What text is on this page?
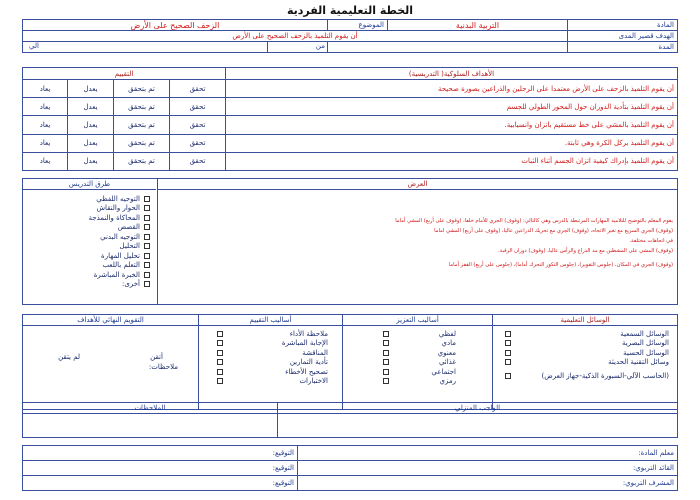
الخطة التعليمية الفردية
المادة	التربية البدنية	الموضوع	الزحف الصحيح على الأرض
الهدف قصير المدى	أن يقوم التلميذ بالزحف الصحيح على الأرض		
المدة			من
الي
الأهداف السلوكية( التدريسية)	التقييم			
أن يقوم التلميذ بالزحف على الأرض معتمدا على الرجلين والذراعين بصورة صحيحة	تحقق	تم بتحقق	يعدل	يعاد
أن يقوم التلميذ بتأدية الدوران حول المحور الطولي للجسم	تحقق	تم بتحقق	يعدل	يعاد
أن يقوم التلميذ بالمشي على خط مستقيم باتزان وانسيابية.	تحقق	تم بتحقق	يعدل	يعاد
أن يقوم التلميذ بركل الكرة وهي ثابتة.	تحقق	تم بتحقق	يعدل	يعاد
أن يقوم التلميذ بإدراك كيفية اتزان الجسم أثناء الثبات	تحقق	تم بتحقق	يعدل	يعاد
العرض
يقوم المعلم بالتوضيح للتلاميذ المهارات المرتبطة بالدرس وهي كالتالي: (وقوف) الجري للأمام خلفا، (وقوف على أربع) المشي أماما
(وقوف) الجري السريع مع تغير الاتجاه، (وقوف) الجري مع تحريك الذراعين عاليا، (وقوف على أربع) المشي اماما
في اتجاهات مختلفة.
(وقوف) المشي على المشطين مع مد الذراع والرأس عاليا، (وقوف) دوران الرقبة.
(وقوف) الجري في المكان، (جلوس التقوير)، (جلوس التكور التحرك أماما)، (جلوس على أربع) القفز أماما
طرق التدريس
التوجيه اللفظي
الحوار والنقاش
المحاكاة والنمذجة
القصص
التوجيه البدني
التحليل
تحليل المهارة
التعلم باللعب
الخبرة المباشرة
أخرى:
الوسائل التعليمية
الوسائل السمعية
الوسائل البصرية
الوسائل الحسية
وسائل التقنية الحديثة
(الحاسب الآلي-السبورة الذكية-جهاز العرض)
أساليب التعزيز
لفظي
مادي
معنوي
غذائي
اجتماعي
رمزي
أساليب التقييم
ملاحظة الأداء
الإجابة المباشرة
المناقشة
تأدية التمارين
تصحيح الأخطاء
الاختبارات
التقويم النهائي للأهداف
أتقن
لم يتقن
ملاحظات:
الواجب المنزلي
الملاحظات
معلم المادة:	التوقيع:
القائد التربوي:	التوقيع:
المشرف التربوي:	التوقيع:
